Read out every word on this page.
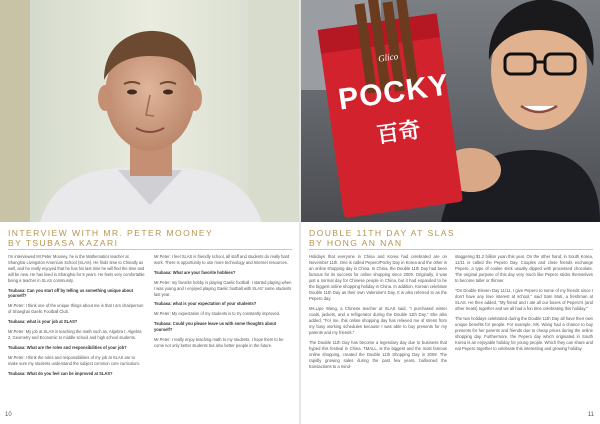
INTERVIEW WITH MR. PETER MOONEY
BY TSUBASA KAZARI

I'm interviewed Mr.Peter Mooney, he is the Mathematics teacher at Shanghai Livingston American School (SLAS). He finds time to Chinatly as well, and he really enjoyed that he has his last time he will find the time and will be new. He has lived in Shanghai for 5 years. He feels very comfortable being a teacher in SLAS community.

Tsubasa: Can you start off by telling us something unique about yourself?

Mr.Peter: I think one of the unique things about me is that I am chairperson of Shanghai Gaelic Football Club.

Tsubasa: what is your job at SLAS?

Mr.Peter: My job at SLAS is teaching the math such as, Algebra I, Algebra 2, Geometry and Economic to middle school and high school students.

Tsubasa: What are the roles and responsibilities of your job?

Mr.Peter: I think the roles and responsibilities of my job at SLAS are to make sure my students understand the subject common core curriculum.

Tsubasa: What do you feel can be improved at SLAS?

Mr.Peter: I feel SLAS is friendly school, all staff and students do really hard work. There is opportunity to use more technology and Internet resources.

Tsubasa: What are your favorite hobbies?

Mr.Peter: my favorite hobby is playing Gaelic football. I started playing when I was young and I enjoyed playing Gaelic football with SLAS' some students last year.

Tsubasa: what is your expectation of your students?

Mr.Peter: My expectation of my students is to try constantly improved.

Tsubasa: Could you please leave us with some thoughts about yourself?

Mr.Peter: I really enjoy teaching math to my students. I hope them to be come not only better students but also better people in the future.

10
Glico
POCKY
百奇
DOUBLE 11TH DAY AT SLAS
BY HONG AN NAN

Holidays that everyone in China and Korea had celebrated are on November 11th. One is called Pepero/Pocky Day in Korea and the other is an online shopping day in China. In China, the Double 11th Day had been famous for its success for online shopping since 2009. Originally, it was just a normal day for Chinese people in China, but it had expanded to be the biggest online shopping holiday in China. In addition, Korean celebrate Double 11th Day as their own Valentine's Day. It is also referred to as the Pepero day.

Ms.Lipe Wang, a Chinese teacher at SLAS said, "I purchased winter coats, jackets, and a refrigerator during the Double 11th Day." She also added, "For me, this online shopping day has relieved me of stress from my busy working schedules because I was able to buy presents for my parents and my friends."

The Double 11th Day has become a legendary day due to business that hyped this festival in China. TMALL, is the biggest and the most famous online shopping, created the Double 11th Shopping Day in 2009. The rapidly growing sales during the past few years, ballooned the transactions to a mind-

staggering $1.2 billion yuan this year. On the other hand, in South Korea, 11/11 is called the Pepero Day. Couples and close friends exchange Pepero, a type of cookie stick usually dipped with processed chocolate. The original purpose of this day very much like Pepero sticks themselves to become taller or thinner.

"On Double Eleven Day 11/11, I give Pepero to some of my friends since I don't have any love interest at school," said Sam Muti, a freshman at SLAS. He then added, "My friend and I ate all our boxes of Pepero's (and other treats) together and we all had a fun time celebrating this holiday."

The two holidays celebrated during the Double 11th Day all have their own unique benefits for people. For example, Ms. Wang had a chance to buy presents for her parents and friends due to cheap prices during the online shopping day. Furthermore, the Pepero day which originated in South Korea is an enjoyable holiday for young people. Which they can share and eat Pepero together to celebrate this interesting and growing holiday.

11
